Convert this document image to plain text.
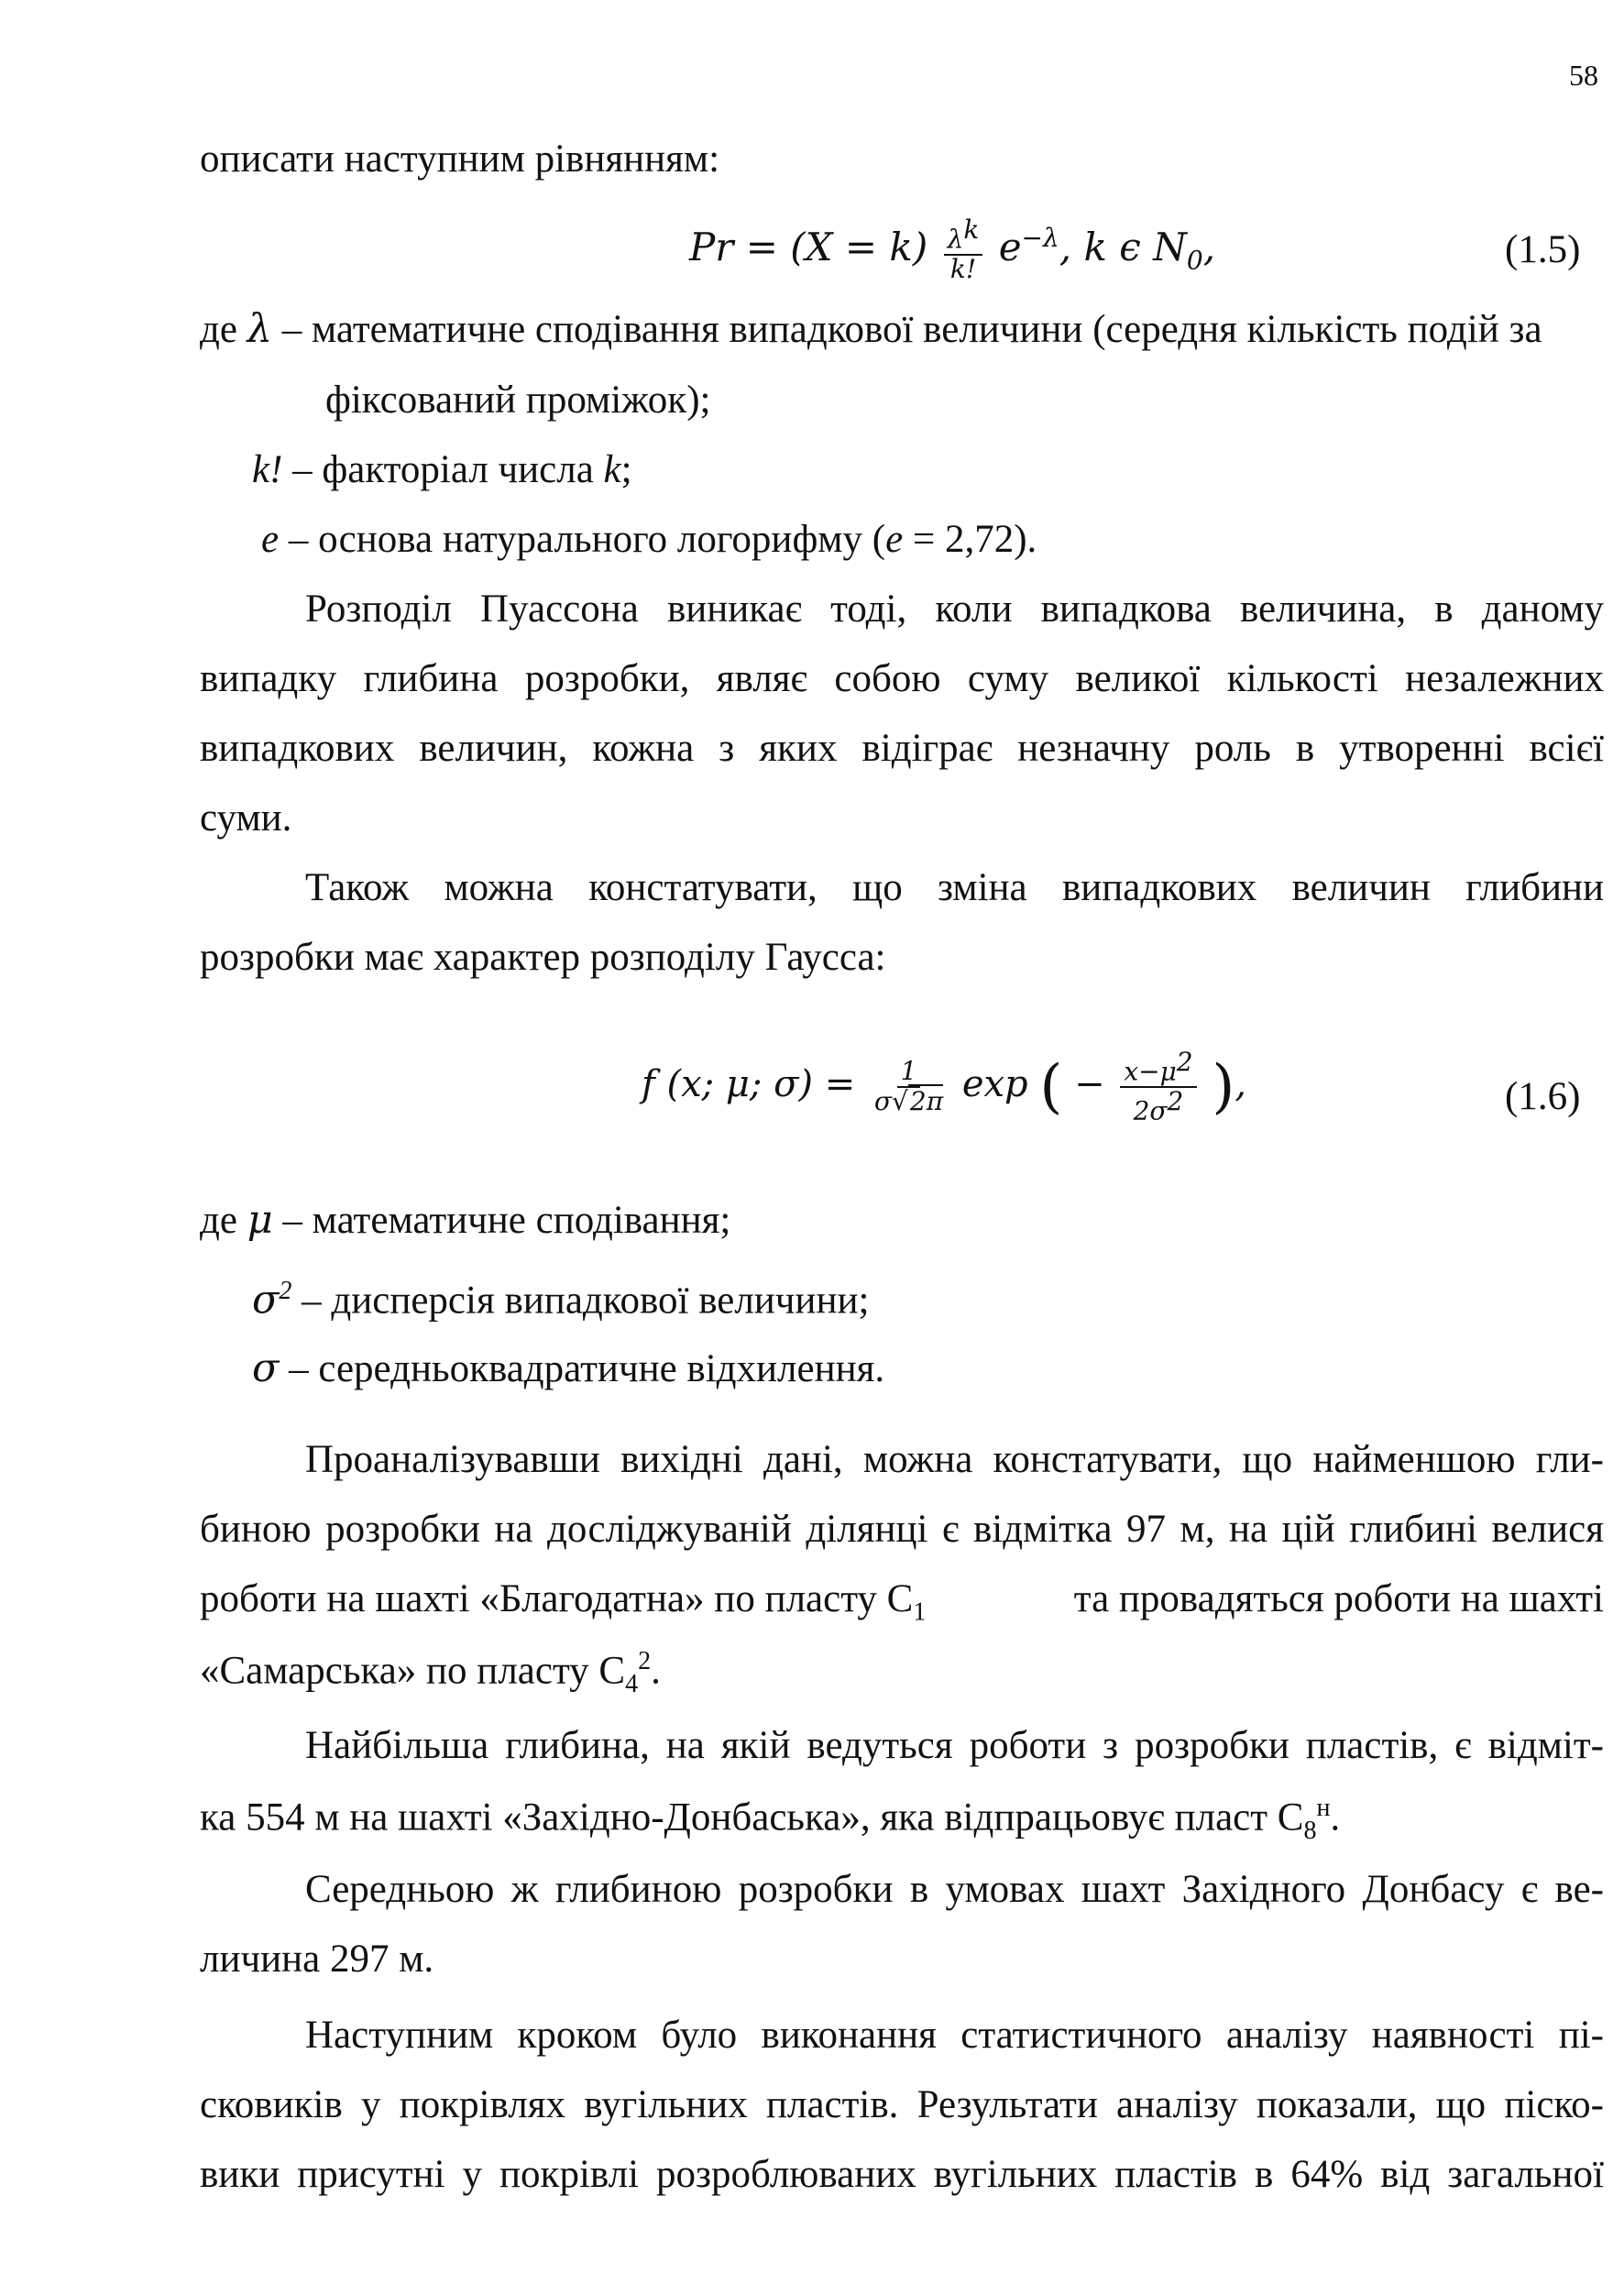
58
описати наступним рівнянням:
$Pr = (X = k) \frac{\lambda^k}{k!} e^{-\lambda}$, k ϵ $N_0$,	(1.5)
де λ – математичне сподівання випадкової величини (середня кількість подій за
фіксований проміжок);
k! – факторіал числа k;
e – основа натурального логорифму (e = 2,72).
Розподіл Пуассона виникає тоді, коли випадкова величина, в даному
випадку глибина розробки, являє собою суму великої кількості незалежних
випадкових величин, кожна з яких відіграє незначну роль в утворенні всієї
суми.
Також можна констатувати, що зміна випадкових величин глибини
розробки має характер розподілу Гаусса:
f (x; μ; $\sigma) = \frac{1}{\sigma√2\pi}$ exp ( − $\frac{x-\mu^2}{2\sigma^2}$ ),	(1.6)
де μ – математичне сподівання;
$\sigma^2$ – дисперсія випадкової величини;
σ – середньоквадратичне відхилення.
Проаналізувавши вихідні дані, можна констатувати, що найменшою гли-
биною розробки на досліджуваній ділянці є відмітка 97 м, на цій глибині велися
роботи на шахті «Благодатна» по пласту $С_1$	та провадяться роботи на шахті
«Самарська» по пласту $С_4^2$.
Найбільша глибина, на якій ведуться роботи з розробки пластів, є відміт-
ка 554 м на шахті «Західно-Донбаська», яка відпрацьовує пласт $С_8^н$.
Середньою ж глибиною розробки в умовах шахт Західного Донбасу є ве-
личина 297 м.
Наступним кроком було виконання статистичного аналізу наявності пі-
сковиків у покрівлях вугільних пластів. Результати аналізу показали, що піско-
вики присутні у покрівлі розроблюваних вугільних пластів в 64% від загальної
